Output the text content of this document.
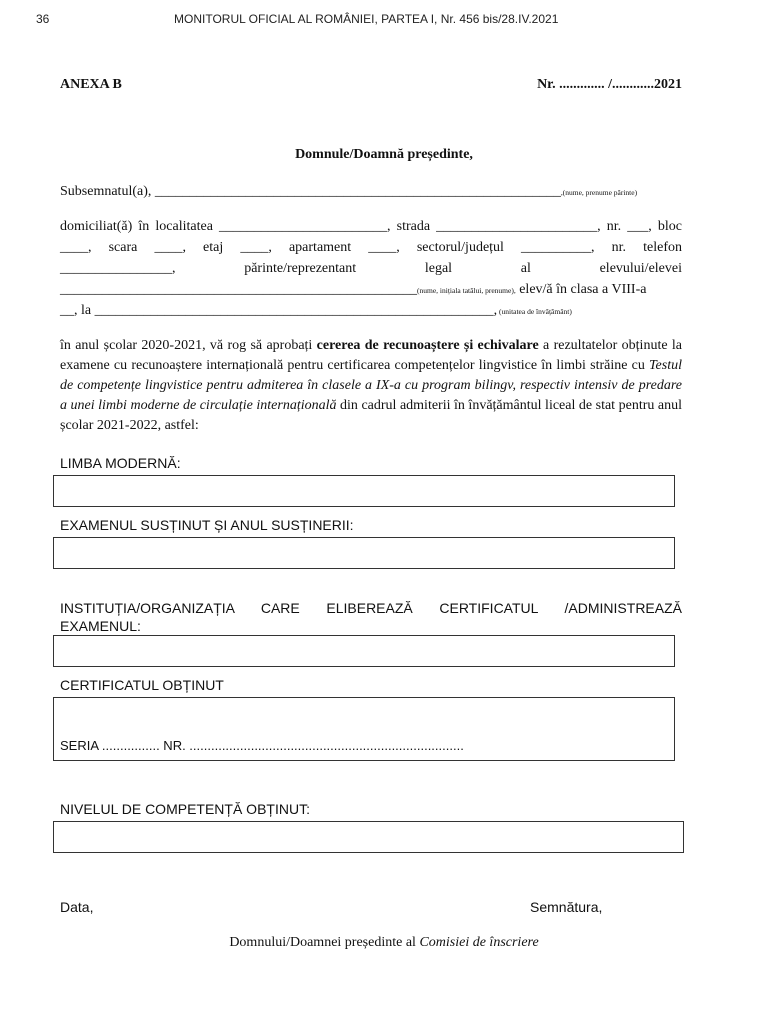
36	MONITORUL OFICIAL AL ROMÂNIEI, PARTEA I, Nr. 456 bis/28.IV.2021
ANEXA B	Nr. ............. /............2021
Domnule/Doamnă președinte,
Subsemnatul(a), __________________________________________________________,(nume, prenume părinte)
domiciliat(ă) în localitatea ________________________, strada _______________________, nr. ___, bloc
____, scara ____, etaj ____, apartament ____, sectorul/județul __________, nr. telefon
________________, părinte/reprezentant legal al elevului/elevei
___________________________________________________(nume, inițiala tatălui, prenume), elev/ă în clasa a VIII-a
__, la _________________________________________________________, (unitatea de învățământ)
în anul școlar 2020-2021, vă rog să aprobați cererea de recunoaștere și echivalare a rezultatelor obținute la examene cu recunoaștere internațională pentru certificarea competențelor lingvistice în limbi străine cu Testul de competențe lingvistice pentru admiterea în clasele a IX-a cu program bilingv, respectiv intensiv de predare a unei limbi moderne de circulație internațională din cadrul admiterii în învățământul liceal de stat pentru anul școlar 2021-2022, astfel:
LIMBA MODERNĂ:
EXAMENUL SUSȚINUT ȘI ANUL SUSȚINERII:
INSTITUȚIA/ORGANIZAȚIA CARE ELIBEREAZĂ CERTIFICATUL /ADMINISTREAZĂ
EXAMENUL:
CERTIFICATUL OBȚINUT
SERIA ................ NR. ............................................................................
NIVELUL DE COMPETENȚĂ OBȚINUT:
Data,	Semnătura,
Domnului/Doamnei președinte al Comisiei de înscriere
